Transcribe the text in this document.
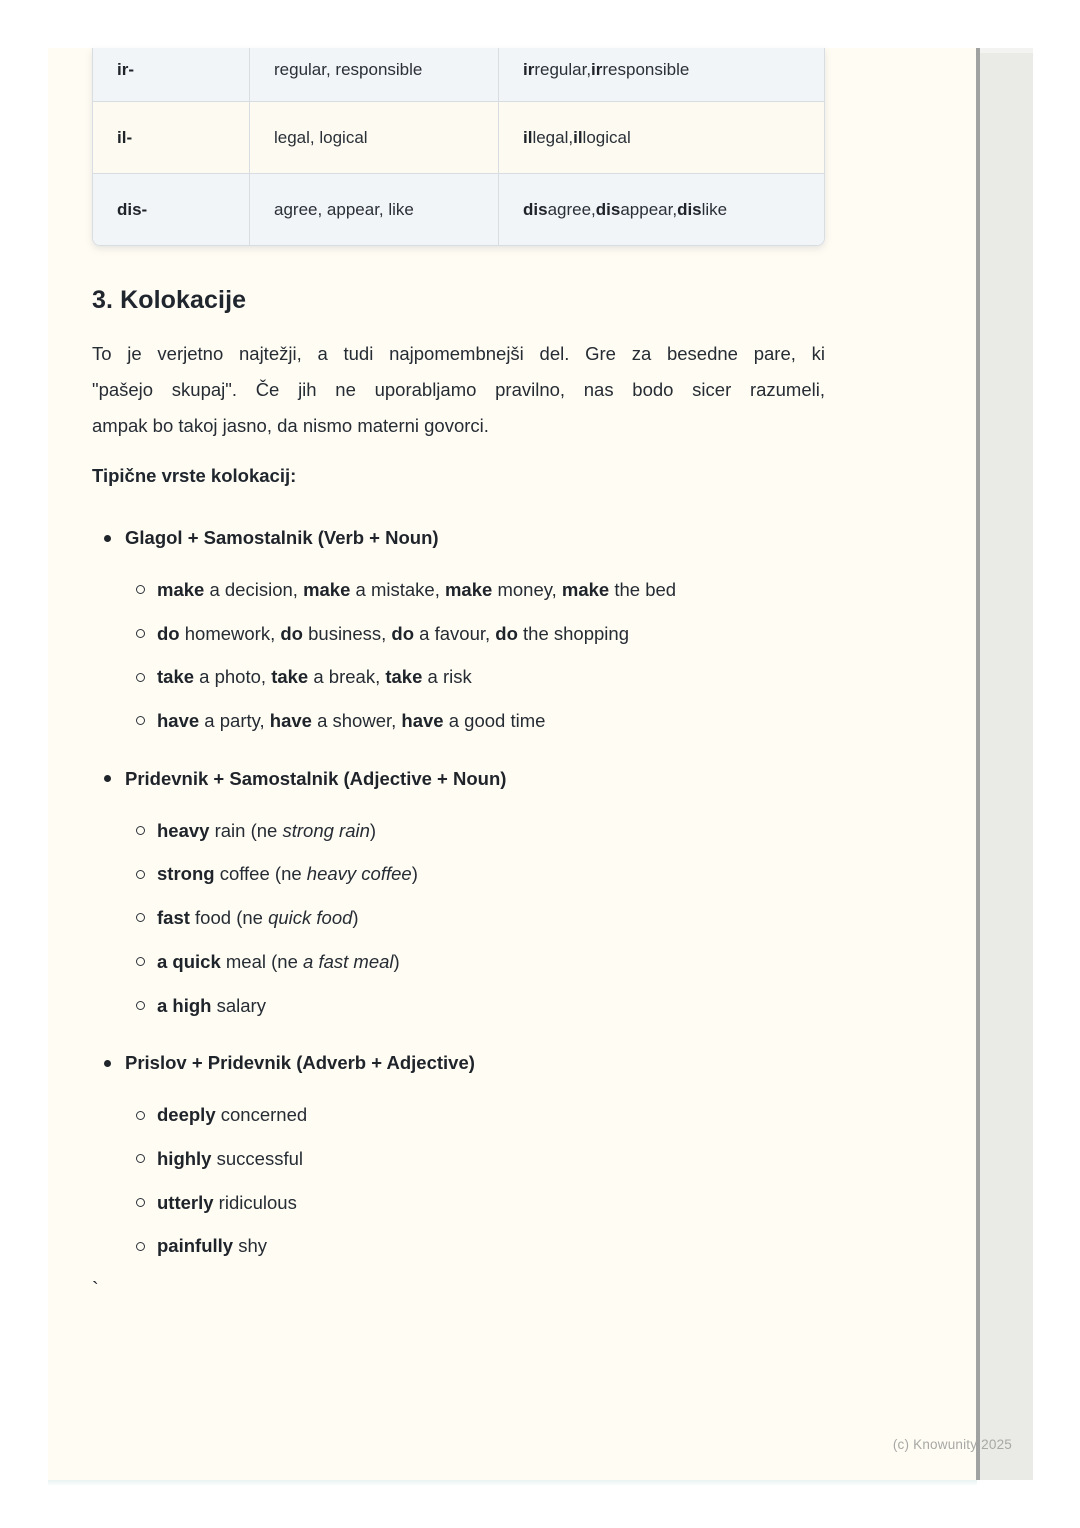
ir-	regular, responsible	ir regular, ir responsible
il-	legal, logical	il legal, il logical
dis-	agree, appear, like	dis agree, dis appear, dis like
3. Kolokacije
To je verjetno najtežji, a tudi najpomembnejši del. Gre za besedne pare, ki
"pašejo skupaj". Če jih ne uporabljamo pravilno, nas bodo sicer razumeli,
ampak bo takoj jasno, da nismo materni govorci.
Tipične vrste kolokacij:
Glagol + Samostalnik (Verb + Noun)
make a decision, make a mistake, make money, make the bed
do homework, do business, do a favour, do the shopping
take a photo, take a break, take a risk
have a party, have a shower, have a good time
Pridevnik + Samostalnik (Adjective + Noun)
heavy rain (ne strong rain)
strong coffee (ne heavy coffee)
fast food (ne quick food)
a quick meal (ne a fast meal)
a high salary
Prislov + Pridevnik (Adverb + Adjective)
deeply concerned
highly successful
utterly ridiculous
painfully shy
`
(c) Knowunity 2025
